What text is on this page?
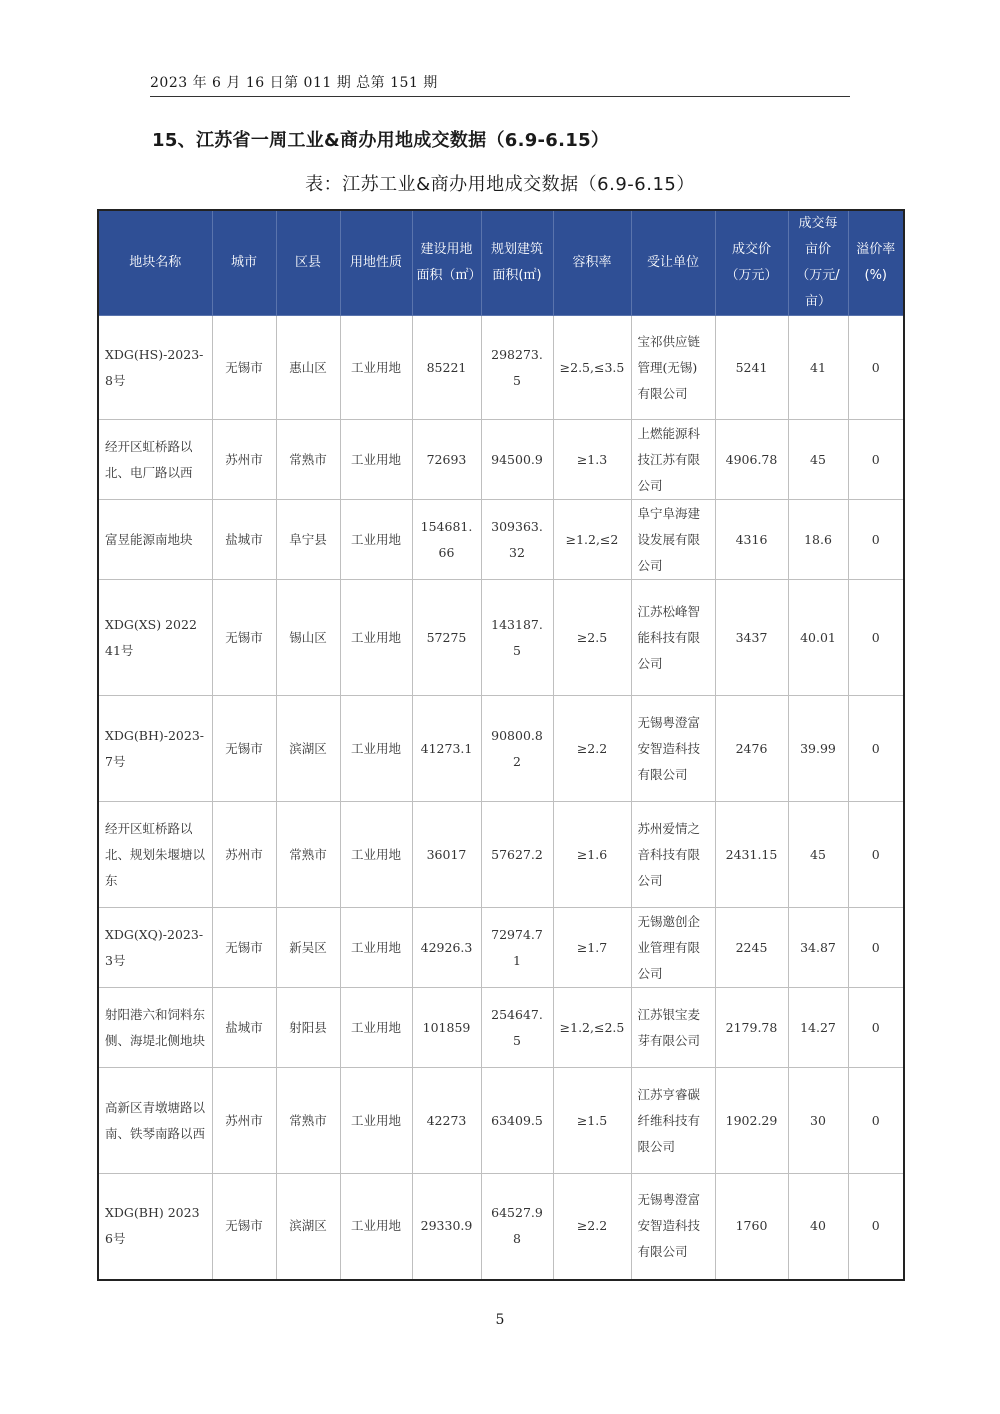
2023 年 6 月 16 日第 011 期 总第 151 期
15、江苏省一周工业&商办用地成交数据（6.9-6.15）
表：江苏工业&商办用地成交数据（6.9-6.15）
地块名称	城市	区县	用地性质	建设用地面积（㎡）	规划建筑面积(㎡)	容积率	受让单位	成交价（万元）	成交每亩价（万元/亩）	溢价率(%)
XDG(HS)-2023-8号	无锡市	惠山区	工业用地	85221	298273.5	≥2.5,≤3.5	宝祁供应链管理(无锡)有限公司	5241	41	0
经开区虹桥路以北、电厂路以西	苏州市	常熟市	工业用地	72693	94500.9	≥1.3	上燃能源科技江苏有限公司	4906.78	45	0
富昱能源南地块	盐城市	阜宁县	工业用地	154681.66	309363.32	≥1.2,≤2	阜宁阜海建设发展有限公司	4316	18.6	0
XDG(XS) 2022 41号	无锡市	锡山区	工业用地	57275	143187.5	≥2.5	江苏松峰智能科技有限公司	3437	40.01	0
XDG(BH)-2023-7号	无锡市	滨湖区	工业用地	41273.1	90800.82	≥2.2	无锡粤澄富安智造科技有限公司	2476	39.99	0
经开区虹桥路以北、规划朱堰塘以东	苏州市	常熟市	工业用地	36017	57627.2	≥1.6	苏州爱情之音科技有限公司	2431.15	45	0
XDG(XQ)-2023-3号	无锡市	新吴区	工业用地	42926.3	72974.71	≥1.7	无锡邀创企业管理有限公司	2245	34.87	0
射阳港六和饲料东侧、海堤北侧地块	盐城市	射阳县	工业用地	101859	254647.5	≥1.2,≤2.5	江苏银宝麦芽有限公司	2179.78	14.27	0
高新区青墩塘路以南、铁琴南路以西	苏州市	常熟市	工业用地	42273	63409.5	≥1.5	江苏亨睿碳纤维科技有限公司	1902.29	30	0
XDG(BH) 2023 6号	无锡市	滨湖区	工业用地	29330.9	64527.98	≥2.2	无锡粤澄富安智造科技有限公司	1760	40	0
5
